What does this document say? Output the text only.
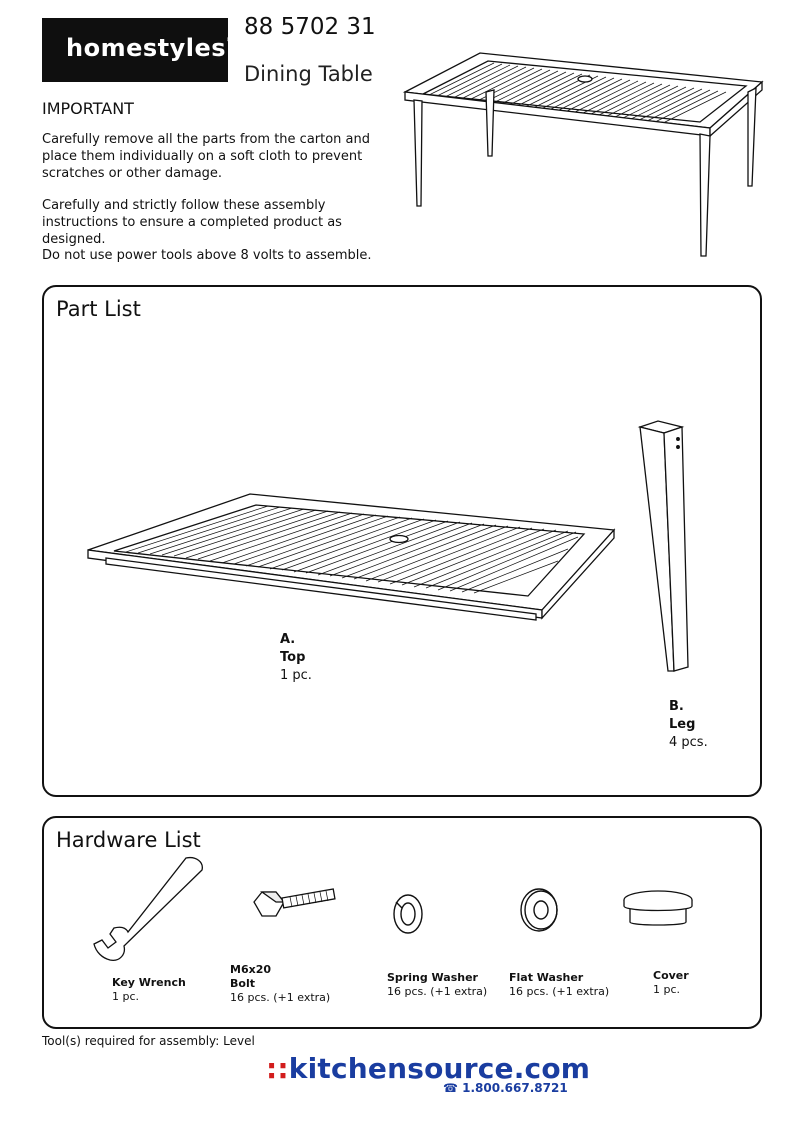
homestyles® 88 5702 31
Dining Table
IMPORTANT

Carefully remove all the parts from the carton and place them individually on a soft cloth to prevent scratches or other damage.

Carefully and strictly follow these assembly instructions to ensure a completed product as designed.

Do not use power tools above 8 volts to assemble.

Part List
A.
Top
1 pc.
B.
Leg
4 pcs.
Hardware List
Key Wrench
1 pc.
M6x20
Bolt
16 pcs. (+1 extra)
Spring Washer
16 pcs. (+1 extra)
Flat Washer
16 pcs. (+1 extra)
Cover
1 pc.
Tool(s) required for assembly: Level
::kitchensource.com
☎ 1.800.667.8721
